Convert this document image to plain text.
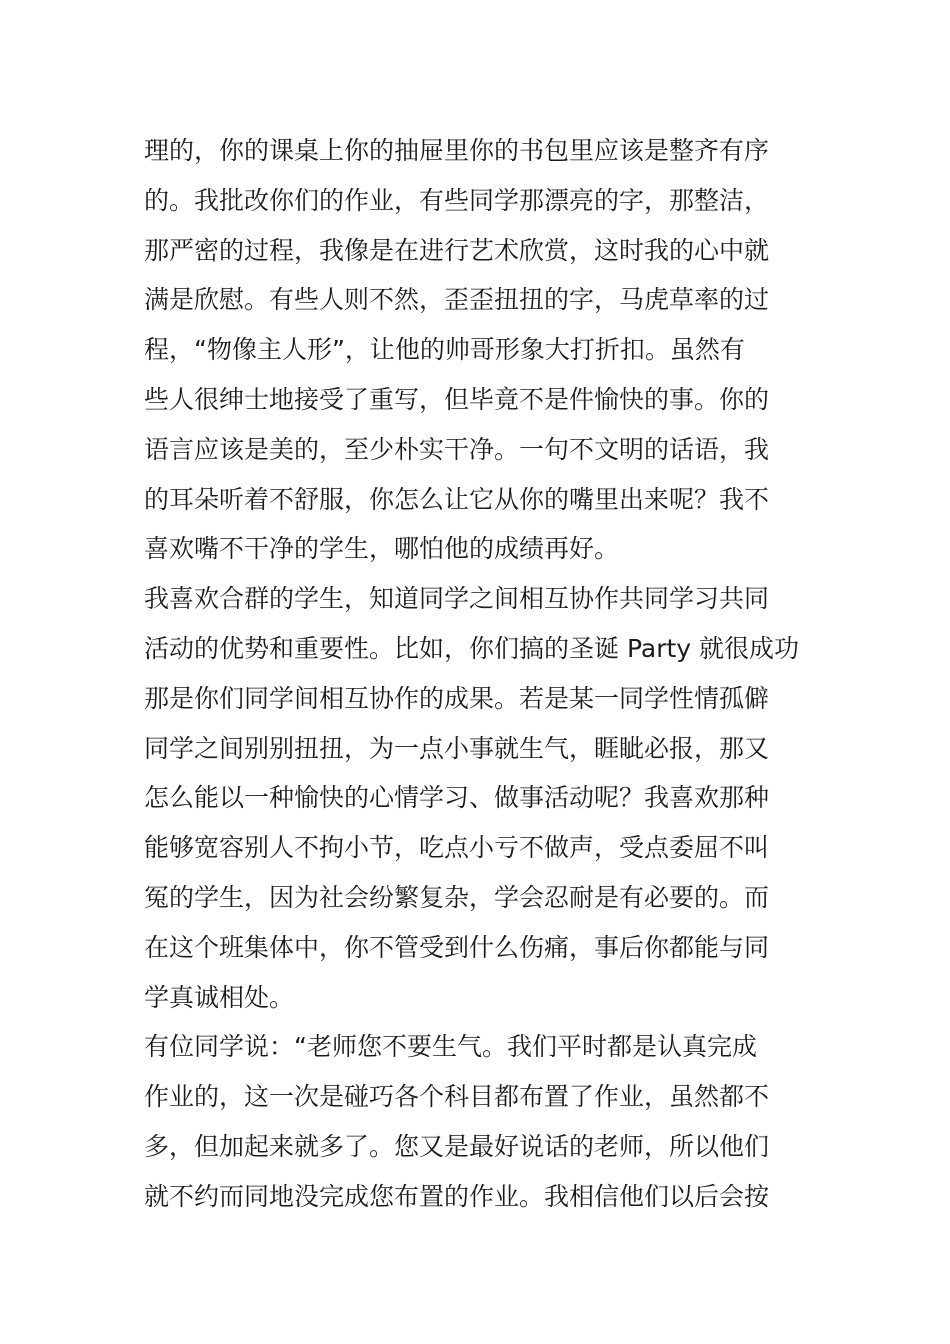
理的，你的课桌上你的抽屉里你的书包里应该是整齐有序
的。我批改你们的作业，有些同学那漂亮的字，那整洁，
那严密的过程，我像是在进行艺术欣赏，这时我的心中就
满是欣慰。有些人则不然，歪歪扭扭的字，马虎草率的过
程，“物像主人形”，让他的帅哥形象大打折扣。虽然有
些人很绅士地接受了重写，但毕竟不是件愉快的事。你的
语言应该是美的，至少朴实干净。一句不文明的话语，我
的耳朵听着不舒服，你怎么让它从你的嘴里出来呢？我不
喜欢嘴不干净的学生，哪怕他的成绩再好。
我喜欢合群的学生，知道同学之间相互协作共同学习共同
活动的优势和重要性。比如，你们搞的圣诞 Party 就很成功
那是你们同学间相互协作的成果。若是某一同学性情孤僻
同学之间别别扭扭，为一点小事就生气，睚眦必报，那又
怎么能以一种愉快的心情学习、做事活动呢？我喜欢那种
能够宽容别人不拘小节，吃点小亏不做声，受点委屈不叫
冤的学生，因为社会纷繁复杂，学会忍耐是有必要的。而
在这个班集体中，你不管受到什么伤痛，事后你都能与同
学真诚相处。
有位同学说：“老师您不要生气。我们平时都是认真完成
作业的，这一次是碰巧各个科目都布置了作业，虽然都不
多，但加起来就多了。您又是最好说话的老师，所以他们
就不约而同地没完成您布置的作业。我相信他们以后会按
